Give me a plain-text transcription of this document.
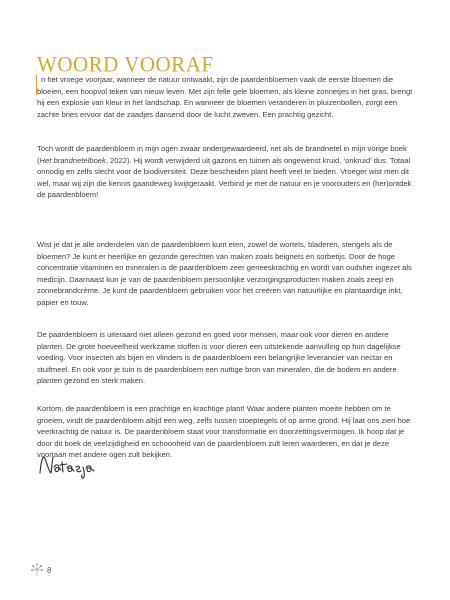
WOORD VOORAF

n het vroege voorjaar, wanneer de natuur ontwaakt, zijn de paardenbloemen vaak de eerste bloemen die bloeien, een hoopvol teken van nieuw leven. Met zijn felle gele bloemen, als kleine zonnetjes in het gras, brengt hij een explosie van kleur in het landschap. En wanneer de bloemen veranderen in pluizenbollen, zorgt een zachte bries ervoor dat de zaadjes dansend door de lucht zweven. Een prachtig gezicht.

Toch wordt de paardenbloem in mijn ogen zwaar ondergewaardeerd, net als de brandnetel in mijn vorige boek (Het brandnetelboek, 2022). Hij wordt verwijderd uit gazons en tuinen als ongewenst kruid, ‘onkruid’ dus. Totaal onnodig en zelfs slecht voor de biodiversiteit. Deze bescheiden plant heeft veel te bieden. Vroeger wist men dit wel, maar wij zijn die kennis gaandeweg kwijtgeraakt. Verbind je met de natuur en je voorouders en (her)ontdek de paardenbloem!

Wist je dat je alle onderdelen van de paardenbloem kunt eten, zowel de wortels, bladeren, stengels als de bloemen? Je kunt er heerlijke en gezonde gerechten van maken zoals beignets en sorbetijs. Door de hoge concentratie vitaminen en mineralen is de paardenbloem zeer geneeskrachtig en wordt van oudsher ingezet als medicijn. Daarnaast kun je van de paardenbloem persoonlijke verzorgingsproducten maken zoals zeep en zonnebrandcrème. Je kunt de paardenbloem gebruiken voor het creëren van natuurlijke en plantaardige inkt, papier en touw.

De paardenbloem is uiteraard niet alleen gezond en goed voor mensen, maar ook voor dieren en andere planten. De grote hoeveelheid werkzame stoffen is voor dieren een uitstekende aanvulling op hun dagelijkse voeding. Voor insecten als bijen en vlinders is de paardenbloem een belangrijke leverancier van nectar en stuifmeel. En ook voor je tuin is de paardenbloem een nuttige bron van mineralen, die de bodem en andere planten gezond en sterk maken.

Kortom, de paardenbloem is een prachtige en krachtige plant! Waar andere planten moeite hebben om te groeien, vindt de paardenbloem altijd een weg, zelfs tussen stoeptegels of op arme grond. Hij laat ons zien hoe veerkrachtig de natuur is. De paardenbloem staat voor transformatie en doorzettingsvermogen. Ik hoop dat je door dit boek de veelzijdigheid en schoonheid van de paardenbloem zult leren waarderen, en dat je deze voortaan met andere ogen zult bekijken.

8
